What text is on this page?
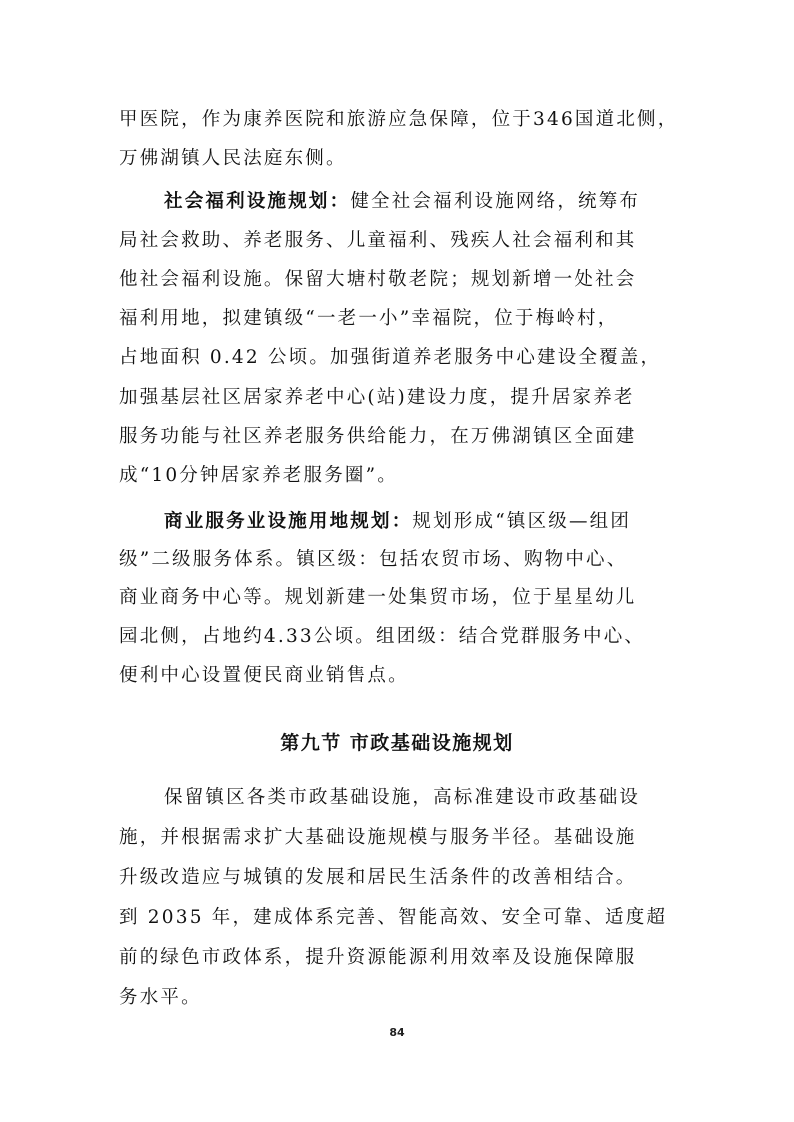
甲医院，作为康养医院和旅游应急保障，位于346国道北侧，
万佛湖镇人民法庭东侧。
社会福利设施规划：健全社会福利设施网络，统筹布
局社会救助、养老服务、儿童福利、残疾人社会福利和其
他社会福利设施。保留大塘村敬老院；规划新增一处社会
福利用地，拟建镇级“一老一小”幸福院，位于梅岭村，
占地面积 0.42 公顷。加强街道养老服务中心建设全覆盖，
加强基层社区居家养老中心(站)建设力度，提升居家养老
服务功能与社区养老服务供给能力，在万佛湖镇区全面建
成“10分钟居家养老服务圈”。
商业服务业设施用地规划：规划形成“镇区级—组团
级”二级服务体系。镇区级：包括农贸市场、购物中心、
商业商务中心等。规划新建一处集贸市场，位于星星幼儿
园北侧，占地约4.33公顷。组团级：结合党群服务中心、
便利中心设置便民商业销售点。
第九节 市政基础设施规划
保留镇区各类市政基础设施，高标准建设市政基础设
施，并根据需求扩大基础设施规模与服务半径。基础设施
升级改造应与城镇的发展和居民生活条件的改善相结合。
到 2035 年，建成体系完善、智能高效、安全可靠、适度超
前的绿色市政体系，提升资源能源利用效率及设施保障服
务水平。
84
